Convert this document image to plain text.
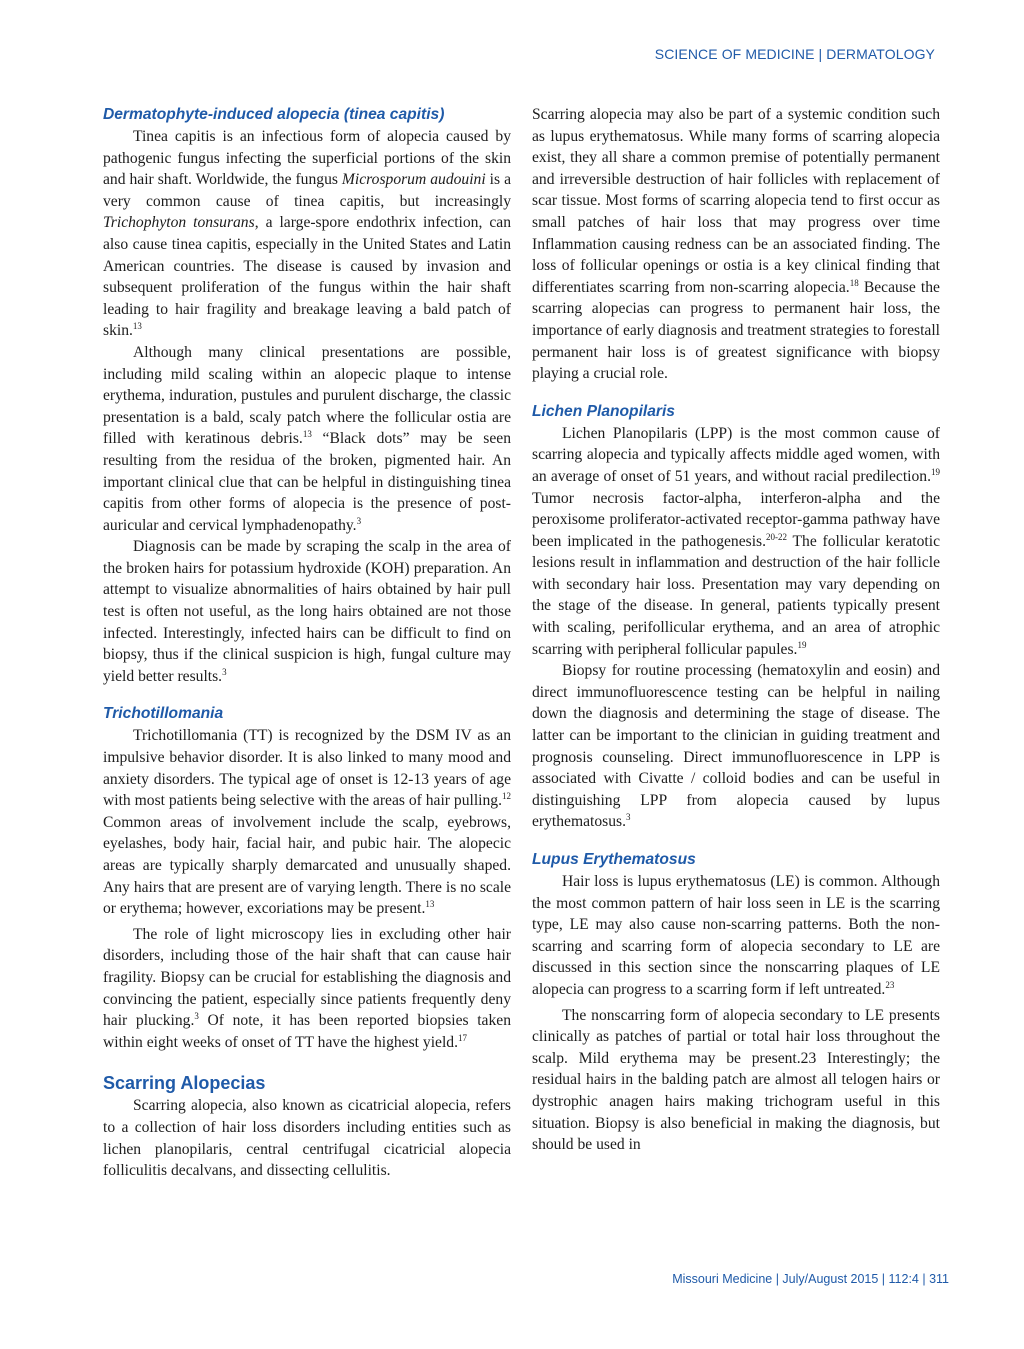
SCIENCE OF MEDICINE | DERMATOLOGY
Dermatophyte-induced alopecia (tinea capitis)

Tinea capitis is an infectious form of alopecia caused by pathogenic fungus infecting the superficial portions of the skin and hair shaft. Worldwide, the fungus Microsporum audouini is a very common cause of tinea capitis, but increasingly Trichophyton tonsurans, a large-spore endothrix infection, can also cause tinea capitis, especially in the United States and Latin American countries. The disease is caused by invasion and subsequent proliferation of the fungus within the hair shaft leading to hair fragility and breakage leaving a bald patch of skin.$^{13}$

Although many clinical presentations are possible, including mild scaling within an alopecic plaque to intense erythema, induration, pustules and purulent discharge, the classic presentation is a bald, scaly patch where the follicular ostia are filled with keratinous debris.$^{13}$ “Black dots” may be seen resulting from the residua of the broken, pigmented hair. An important clinical clue that can be helpful in distinguishing tinea capitis from other forms of alopecia is the presence of post-auricular and cervical lymphadenopathy.$^3$

Diagnosis can be made by scraping the scalp in the area of the broken hairs for potassium hydroxide (KOH) preparation. An attempt to visualize abnormalities of hairs obtained by hair pull test is often not useful, as the long hairs obtained are not those infected. Interestingly, infected hairs can be difficult to find on biopsy, thus if the clinical suspicion is high, fungal culture may yield better results.$^3$

Trichotillomania

Trichotillomania (TT) is recognized by the DSM IV as an impulsive behavior disorder. It is also linked to many mood and anxiety disorders. The typical age of onset is 12-13 years of age with most patients being selective with the areas of hair pulling.$^{12}$ Common areas of involvement include the scalp, eyebrows, eyelashes, body hair, facial hair, and pubic hair. The alopecic areas are typically sharply demarcated and unusually shaped. Any hairs that are present are of varying length. There is no scale or erythema; however, excoriations may be present.$^{13}$

The role of light microscopy lies in excluding other hair disorders, including those of the hair shaft that can cause hair fragility. Biopsy can be crucial for establishing the diagnosis and convincing the patient, especially since patients frequently deny hair plucking.$^3$ Of note, it has been reported biopsies taken within eight weeks of onset of TT have the highest yield.$^{17}$

Scarring Alopecias

Scarring alopecia, also known as cicatricial alopecia, refers to a collection of hair loss disorders including entities such as lichen planopilaris, central centrifugal cicatricial alopecia folliculitis decalvans, and dissecting cellulitis.

Scarring alopecia may also be part of a systemic condition such as lupus erythematosus. While many forms of scarring alopecia exist, they all share a common premise of potentially permanent and irreversible destruction of hair follicles with replacement of scar tissue. Most forms of scarring alopecia tend to first occur as small patches of hair loss that may progress over time Inflammation causing redness can be an associated finding. The loss of follicular openings or ostia is a key clinical finding that differentiates scarring from non-scarring alopecia.$^{18}$ Because the scarring alopecias can progress to permanent hair loss, the importance of early diagnosis and treatment strategies to forestall permanent hair loss is of greatest significance with biopsy playing a crucial role.

Lichen Planopilaris

Lichen Planopilaris (LPP) is the most common cause of scarring alopecia and typically affects middle aged women, with an average of onset of 51 years, and without racial predilection.$^{19}$ Tumor necrosis factor-alpha, interferon-alpha and the peroxisome proliferator-activated receptor-gamma pathway have been implicated in the pathogenesis.$^{20-22}$ The follicular keratotic lesions result in inflammation and destruction of the hair follicle with secondary hair loss. Presentation may vary depending on the stage of the disease. In general, patients typically present with scaling, perifollicular erythema, and an area of atrophic scarring with peripheral follicular papules.$^{19}$

Biopsy for routine processing (hematoxylin and eosin) and direct immunofluorescence testing can be helpful in nailing down the diagnosis and determining the stage of disease. The latter can be important to the clinician in guiding treatment and prognosis counseling. Direct immunofluorescence in LPP is associated with Civatte / colloid bodies and can be useful in distinguishing LPP from alopecia caused by lupus erythematosus.$^3$

Lupus Erythematosus

Hair loss is lupus erythematosus (LE) is common. Although the most common pattern of hair loss seen in LE is the scarring type, LE may also cause non-scarring patterns. Both the non-scarring and scarring form of alopecia secondary to LE are discussed in this section since the nonscarring plaques of LE alopecia can progress to a scarring form if left untreated.$^{23}$

The nonscarring form of alopecia secondary to LE presents clinically as patches of partial or total hair loss throughout the scalp. Mild erythema may be present.23 Interestingly; the residual hairs in the balding patch are almost all telogen hairs or dystrophic anagen hairs making trichogram useful in this situation. Biopsy is also beneficial in making the diagnosis, but should be used in

Missouri Medicine | July/August 2015 | 112:4 | 311
